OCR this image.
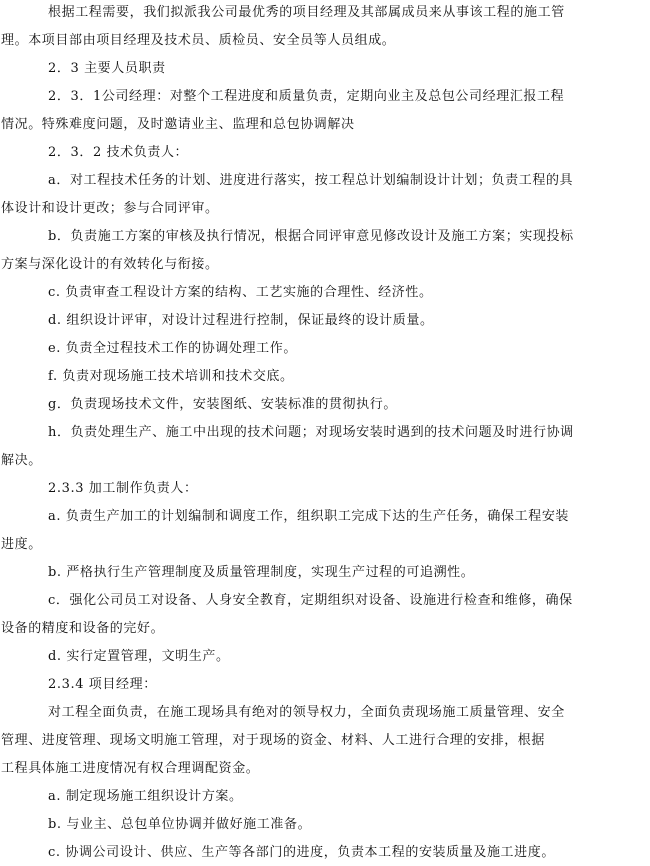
根据工程需要，我们拟派我公司最优秀的项目经理及其部属成员来从事该工程的施工管
理。本项目部由项目经理及技术员、质检员、安全员等人员组成。
2．3 主要人员职责
2．3．1公司经理：对整个工程进度和质量负责，定期向业主及总包公司经理汇报工程
情况。特殊难度问题，及时邀请业主、监理和总包协调解决
2．3．2 技术负责人：
a．对工程技术任务的计划、进度进行落实，按工程总计划编制设计计划；负责工程的具
体设计和设计更改；参与合同评审。
b．负责施工方案的审核及执行情况，根据合同评审意见修改设计及施工方案；实现投标
方案与深化设计的有效转化与衔接。
c. 负责审查工程设计方案的结构、工艺实施的合理性、经济性。
d. 组织设计评审，对设计过程进行控制，保证最终的设计质量。
e. 负责全过程技术工作的协调处理工作。
f. 负责对现场施工技术培训和技术交底。
g．负责现场技术文件，安装图纸、安装标准的贯彻执行。
h．负责处理生产、施工中出现的技术问题；对现场安装时遇到的技术问题及时进行协调
解决。
2.3.3 加工制作负责人：
a. 负责生产加工的计划编制和调度工作，组织职工完成下达的生产任务，确保工程安装
进度。
b. 严格执行生产管理制度及质量管理制度，实现生产过程的可追溯性。
c．强化公司员工对设备、人身安全教育，定期组织对设备、设施进行检查和维修，确保
设备的精度和设备的完好。
d. 实行定置管理，文明生产。
2.3.4 项目经理：
对工程全面负责，在施工现场具有绝对的领导权力，全面负责现场施工质量管理、安全
管理、进度管理、现场文明施工管理，对于现场的资金、材料、人工进行合理的安排，根据
工程具体施工进度情况有权合理调配资金。
a. 制定现场施工组织设计方案。
b. 与业主、总包单位协调并做好施工准备。
c. 协调公司设计、供应、生产等各部门的进度，负责本工程的安装质量及施工进度。
